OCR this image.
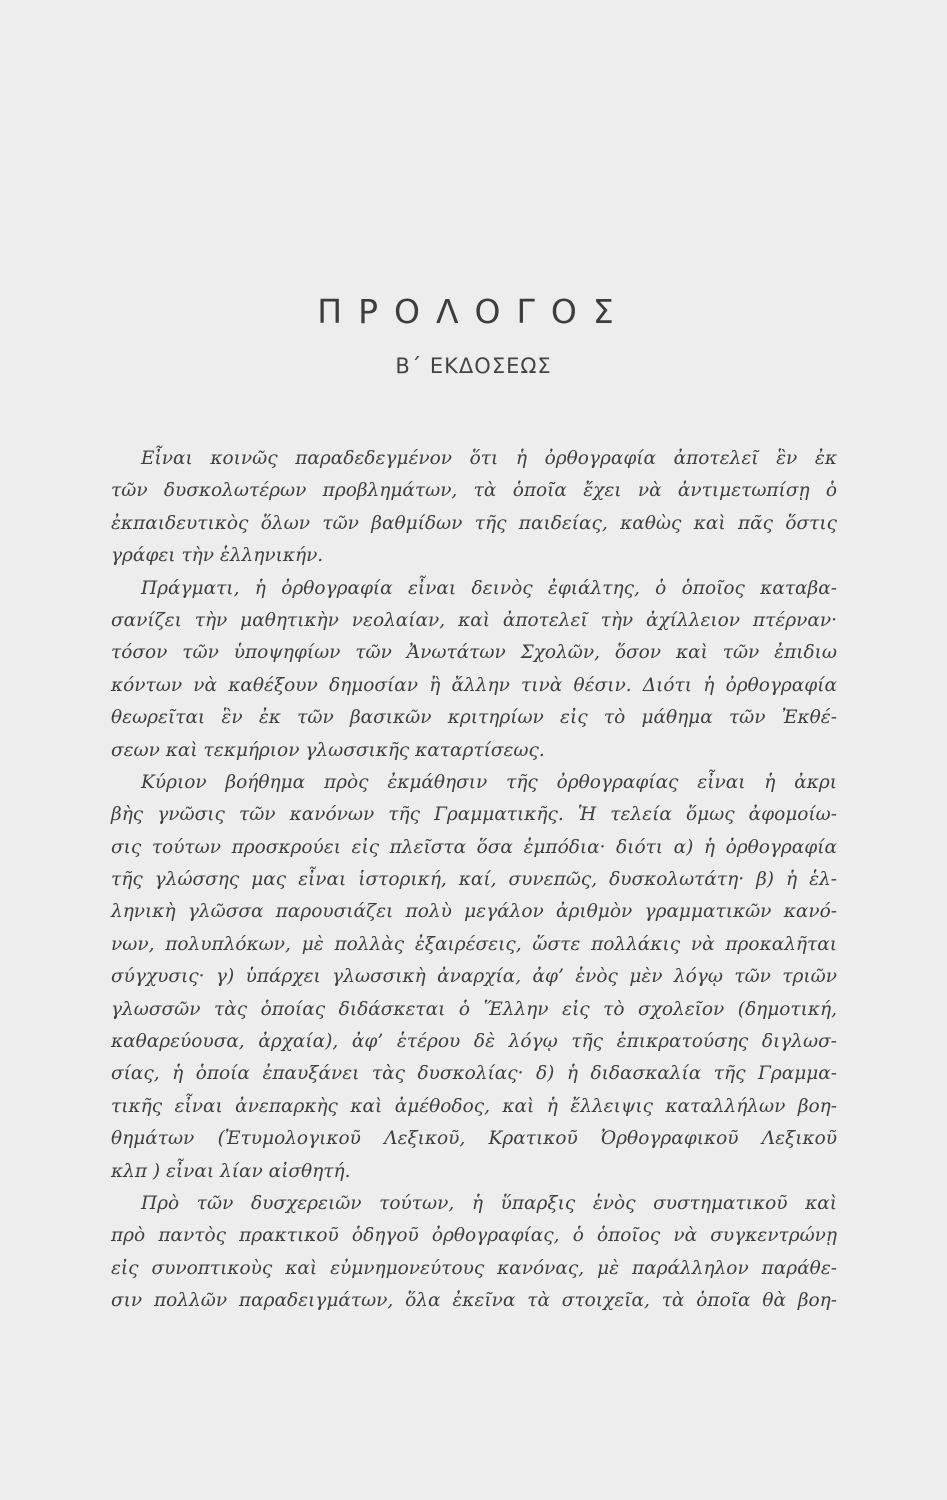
ΠΡΟΛΟΓΟΣ
Β΄ ΕΚΔΟΣΕΩΣ
Εἶναι κοινῶς παραδεδεγμένον ὅτι ἡ ὀρθογραφία ἀποτελεῖ ἓν ἐκ
τῶν δυσκολωτέρων προβλημάτων, τὰ ὁποῖα ἔχει νὰ ἀντιμετωπίσῃ ὁ
ἐκπαιδευτικὸς ὅλων τῶν βαθμίδων τῆς παιδείας, καθὼς καὶ πᾶς ὅστις
γράφει τὴν ἑλληνικήν.
Πράγματι, ἡ ὀρθογραφία εἶναι δεινὸς ἐφιάλτης, ὁ ὁποῖος καταβα-
σανίζει τὴν μαθητικὴν νεολαίαν, καὶ ἀποτελεῖ τὴν ἀχίλλειον πτέρναν·
τόσον τῶν ὑποψηφίων τῶν Ἀνωτάτων Σχολῶν, ὅσον καὶ τῶν ἐπιδιω
κόντων νὰ καθέξουν δημοσίαν ἢ ἄλλην τινὰ θέσιν. Διότι ἡ ὀρθογραφία
θεωρεῖται ἓν ἐκ τῶν βασικῶν κριτηρίων εἰς τὸ μάθημα τῶν Ἐκθέ-
σεων καὶ τεκμήριον γλωσσικῆς καταρτίσεως.
Κύριον βοήθημα πρὸς ἐκμάθησιν τῆς ὀρθογραφίας εἶναι ἡ ἀκρι
βὴς γνῶσις τῶν κανόνων τῆς Γραμματικῆς. Ἡ τελεία ὅμως ἀφομοίω-
σις τούτων προσκρούει εἰς πλεῖστα ὅσα ἐμπόδια· διότι α) ἡ ὀρθογραφία
τῆς γλώσσης μας εἶναι ἱστορική, καί, συνεπῶς, δυσκολωτάτη· β) ἡ ἑλ-
ληνικὴ γλῶσσα παρουσιάζει πολὺ μεγάλον ἀριθμὸν γραμματικῶν κανό-
νων, πολυπλόκων, μὲ πολλὰς ἐξαιρέσεις, ὥστε πολλάκις νὰ προκαλῆται
σύγχυσις· γ) ὑπάρχει γλωσσικὴ ἀναρχία, ἀφ’ ἑνὸς μὲν λόγῳ τῶν τριῶν
γλωσσῶν τὰς ὁποίας διδάσκεται ὁ Ἕλλην εἰς τὸ σχολεῖον (δημοτική,
καθαρεύουσα, ἀρχαία), ἀφ’ ἑτέρου δὲ λόγῳ τῆς ἐπικρατούσης διγλωσ-
σίας, ἡ ὁποία ἐπαυξάνει τὰς δυσκολίας· δ) ἡ διδασκαλία τῆς Γραμμα-
τικῆς εἶναι ἀνεπαρκὴς καὶ ἀμέθοδος, καὶ ἡ ἔλλειψις καταλλήλων βοη-
θημάτων (Ἐτυμολογικοῦ Λεξικοῦ, Κρατικοῦ Ὀρθογραφικοῦ Λεξικοῦ
κλπ ) εἶναι λίαν αἰσθητή.
Πρὸ τῶν δυσχερειῶν τούτων, ἡ ὕπαρξις ἑνὸς συστηματικοῦ καὶ
πρὸ παντὸς πρακτικοῦ ὁδηγοῦ ὀρθογραφίας, ὁ ὁποῖος νὰ συγκεντρώνῃ
εἰς συνοπτικοὺς καὶ εὐμνημονεύτους κανόνας, μὲ παράλληλον παράθε-
σιν πολλῶν παραδειγμάτων, ὅλα ἐκεῖνα τὰ στοιχεῖα, τὰ ὁποῖα θὰ βοη-
